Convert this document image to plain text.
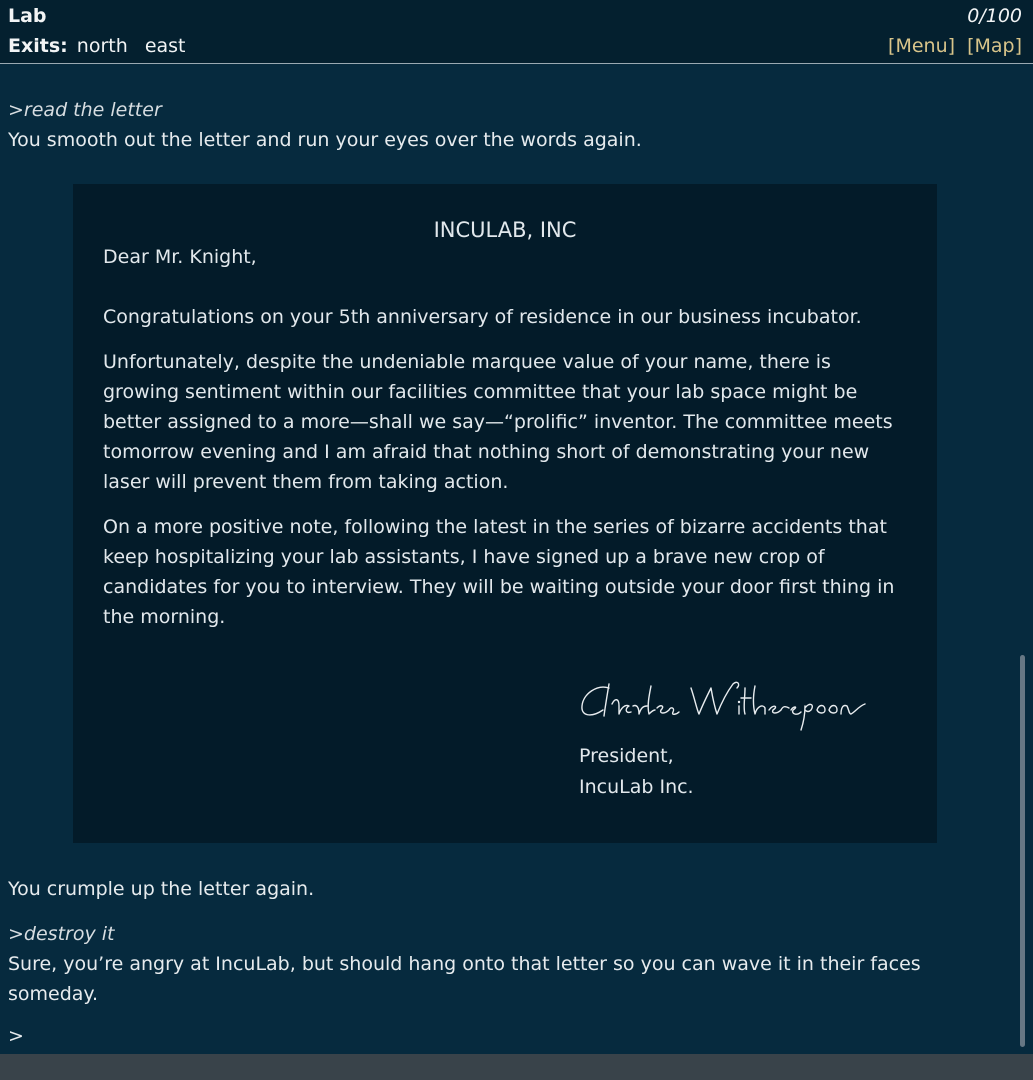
Lab	0/100
Exits: north east	[Menu] [Map]

>read the letter

You smooth out the letter and run your eyes over the words again.

INCULAB, INC

Dear Mr. Knight,

Congratulations on your 5th anniversary of residence in our business incubator.

Unfortunately, despite the undeniable marquee value of your name, there is growing sentiment within our facilities committee that your lab space might be better assigned to a more—shall we say—“prolific” inventor. The committee meets tomorrow evening and I am afraid that nothing short of demonstrating your new laser will prevent them from taking action.

On a more positive note, following the latest in the series of bizarre accidents that keep hospitalizing your lab assistants, I have signed up a brave new crop of candidates for you to interview. They will be waiting outside your door first thing in the morning.

President,
IncuLab Inc.

You crumple up the letter again.

>destroy it

Sure, you’re angry at IncuLab, but should hang onto that letter so you can wave it in their faces someday.

>
